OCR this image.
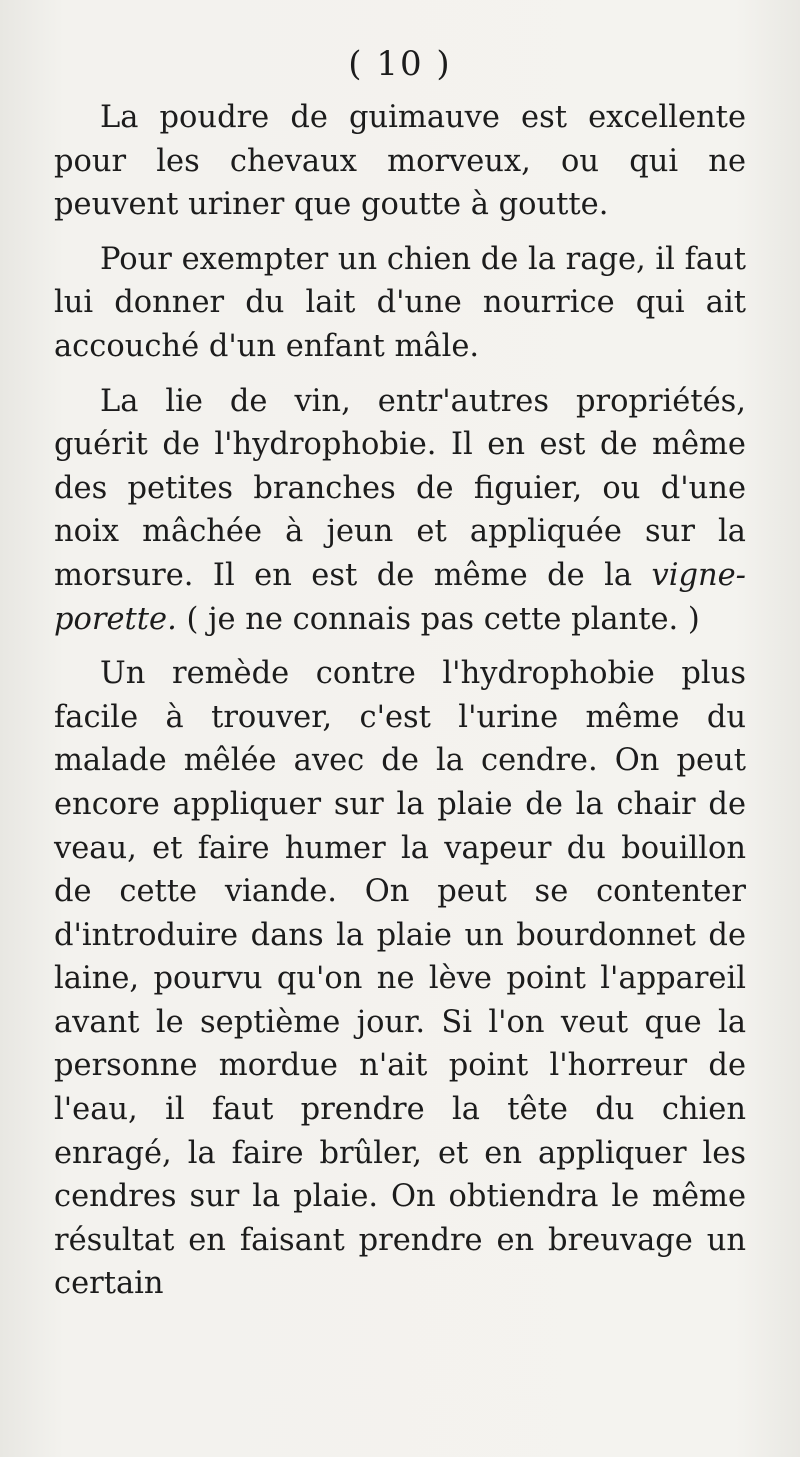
( 10 )

La poudre de guimauve est excellente pour les chevaux morveux, ou qui ne peuvent uriner que goutte à goutte.

Pour exempter un chien de la rage, il faut lui donner du lait d'une nourrice qui ait accouché d'un enfant mâle.

La lie de vin, entr'autres propriétés, guérit de l'hydrophobie. Il en est de même des petites branches de figuier, ou d'une noix mâchée à jeun et appliquée sur la morsure. Il en est de même de la vigne-porette. ( je ne connais pas cette plante. )

Un remède contre l'hydrophobie plus facile à trouver, c'est l'urine même du malade mêlée avec de la cendre. On peut encore appliquer sur la plaie de la chair de veau, et faire humer la vapeur du bouillon de cette viande. On peut se contenter d'introduire dans la plaie un bourdonnet de laine, pourvu qu'on ne lève point l'appareil avant le septième jour. Si l'on veut que la personne mordue n'ait point l'horreur de l'eau, il faut prendre la tête du chien enragé, la faire brûler, et en appliquer les cendres sur la plaie. On obtiendra le même résultat en faisant prendre en breuvage un certain
